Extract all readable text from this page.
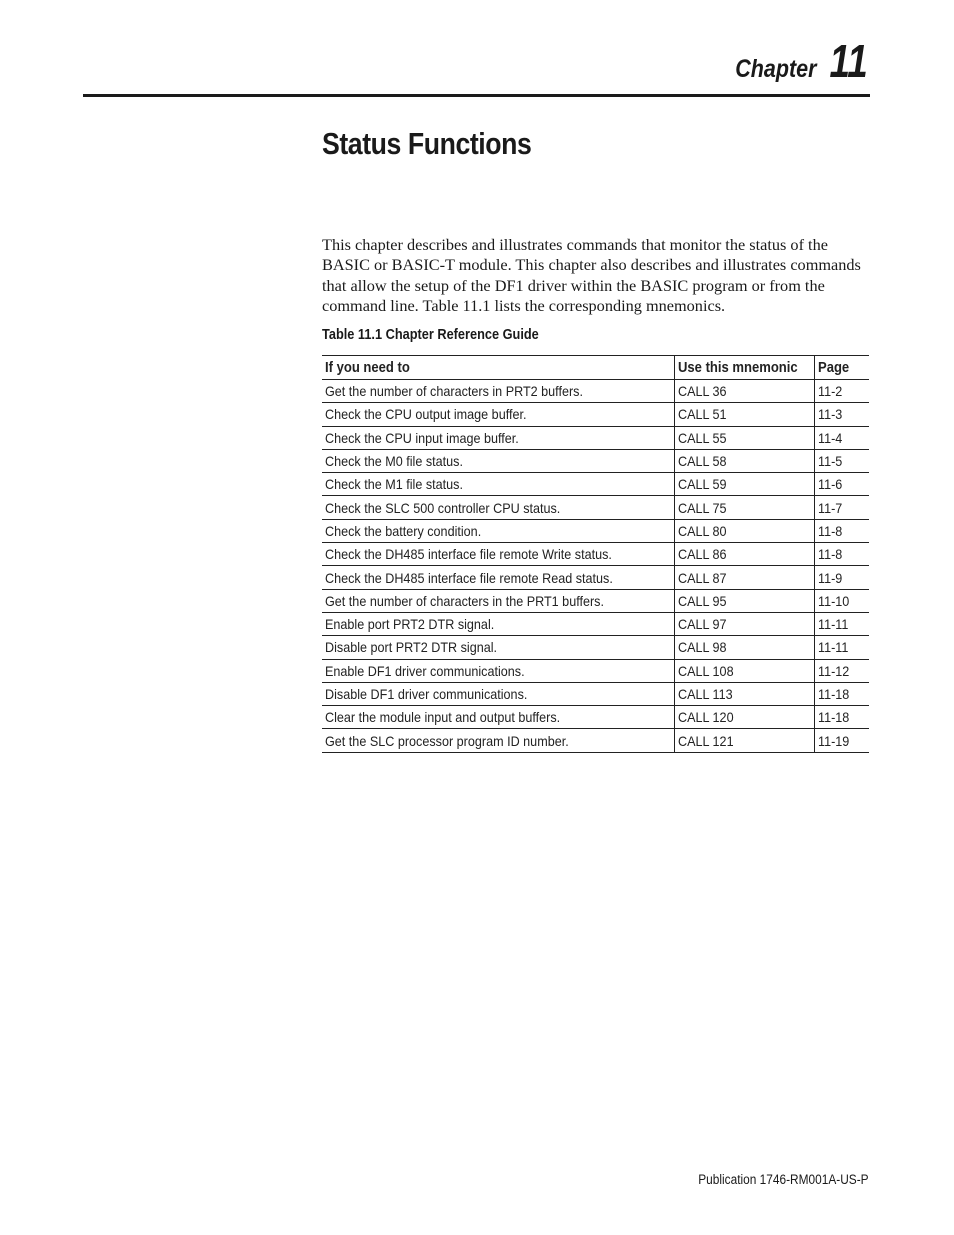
Chapter 11
Status Functions

This chapter describes and illustrates commands that monitor the status of the BASIC or BASIC-T module. This chapter also describes and illustrates commands that allow the setup of the DF1 driver within the BASIC program or from the command line. Table 11.1 lists the corresponding mnemonics.

Table 11.1 Chapter Reference Guide
If you need to	Use this mnemonic	Page
Get the number of characters in PRT2 buffers.	CALL 36	11-2
Check the CPU output image buffer.	CALL 51	11-3
Check the CPU input image buffer.	CALL 55	11-4
Check the M0 file status.	CALL 58	11-5
Check the M1 file status.	CALL 59	11-6
Check the SLC 500 controller CPU status.	CALL 75	11-7
Check the battery condition.	CALL 80	11-8
Check the DH485 interface file remote Write status.	CALL 86	11-8
Check the DH485 interface file remote Read status.	CALL 87	11-9
Get the number of characters in the PRT1 buffers.	CALL 95	11-10
Enable port PRT2 DTR signal.	CALL 97	11-11
Disable port PRT2 DTR signal.	CALL 98	11-11
Enable DF1 driver communications.	CALL 108	11-12
Disable DF1 driver communications.	CALL 113	11-18
Clear the module input and output buffers.	CALL 120	11-18
Get the SLC processor program ID number.	CALL 121	11-19
Publication 1746-RM001A-US-P
